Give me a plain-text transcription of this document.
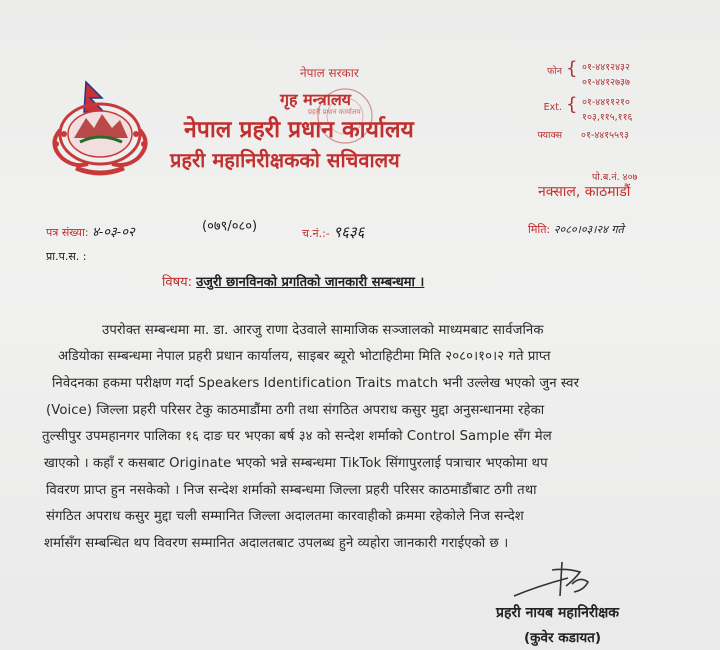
नेपाल सरकार
प्रहरी प्रधान कार्यालय
गृह मन्त्रालय
नेपाल प्रहरी प्रधान कार्यालय
प्रहरी महानिरीक्षकको सचिवालय
फोन { ०१-४४१२४३२
०१-४४१२७३७
Ext. { ०१-४४११२१०
१०३,११५,११६
फ्याक्स ०१-४४१५५९३
पो.ब.नं. ४०७
नक्साल, काठमाडौं
पत्र संख्या: ४-०३-०२	(०७९/०८०)	च.नं.:- ९६३६	मिति: २०८०।०३।२४ गते
प्रा.प.स. :
विषय: उजुरी छानविनको प्रगतिको जानकारी सम्बन्धमा ।
उपरोक्त सम्बन्धमा मा. डा. आरजु राणा देउवाले सामाजिक सञ्जालको माध्यमबाट सार्वजनिक
अडियोका सम्बन्धमा नेपाल प्रहरी प्रधान कार्यालय, साइबर ब्यूरो भोटाहिटीमा मिति २०८०।१०।२ गते प्राप्त
निवेदनका हकमा परीक्षण गर्दा Speakers Identification Traits match भनी उल्लेख भएको जुन स्वर
(Voice) जिल्ला प्रहरी परिसर टेकु काठमाडौंमा ठगी तथा संगठित अपराध कसुर मुद्दा अनुसन्धानमा रहेका
तुल्सीपुर उपमहानगर पालिका १६ दाङ घर भएका बर्ष ३४ को सन्देश शर्माको Control Sample सँग मेल
खाएको । कहाँ र कसबाट Originate भएको भन्ने सम्बन्धमा TikTok सिंगापुरलाई पत्राचार भएकोमा थप
विवरण प्राप्त हुन नसकेको । निज सन्देश शर्माको सम्बन्धमा जिल्ला प्रहरी परिसर काठमाडौंबाट ठगी तथा
संगठित अपराध कसुर मुद्दा चली सम्मानित जिल्ला अदालतमा कारवाहीको क्रममा रहेकोले निज सन्देश
शर्मासँग सम्बन्धित थप विवरण सम्मानित अदालतबाट उपलब्ध हुने व्यहोरा जानकारी गराईएको छ ।
प्रहरी नायब महानिरीक्षक
(कुवेर कडायत)
